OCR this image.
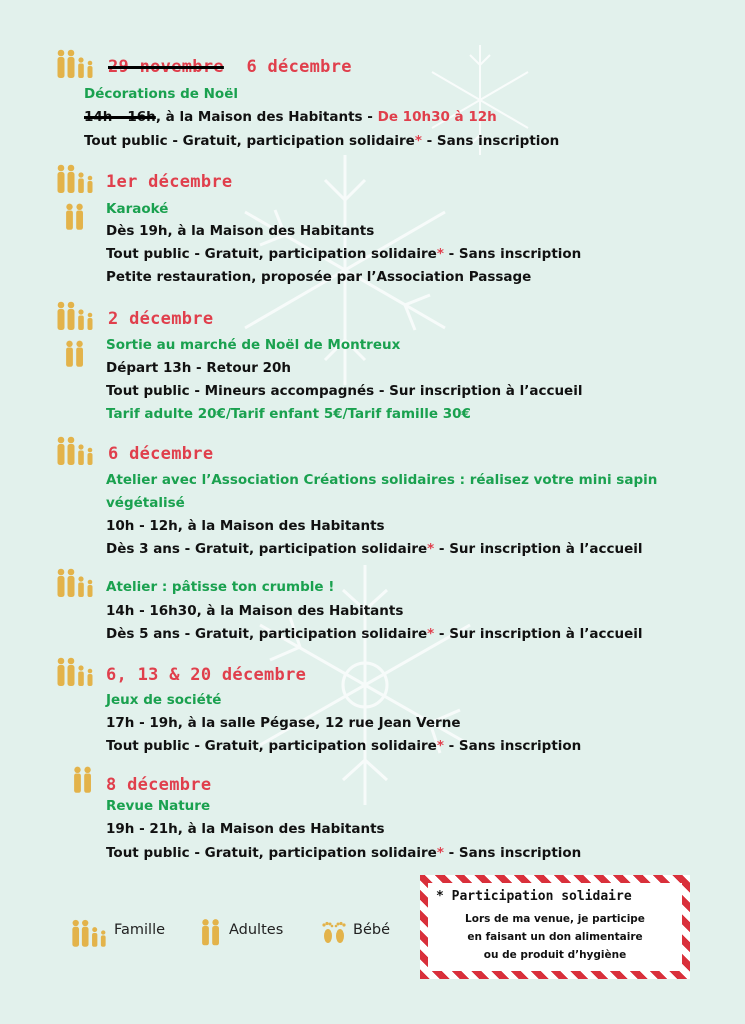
29 novembre 6 décembre
Décorations de Noël
14h - 16h, à la Maison des Habitants - De 10h30 à 12h
Tout public - Gratuit, participation solidaire* - Sans inscription
1er décembre
Karaoké
Dès 19h, à la Maison des Habitants
Tout public - Gratuit, participation solidaire* - Sans inscription
Petite restauration, proposée par l’Association Passage
2 décembre
Sortie au marché de Noël de Montreux
Départ 13h - Retour 20h
Tout public - Mineurs accompagnés - Sur inscription à l’accueil
Tarif adulte 20€/Tarif enfant 5€/Tarif famille 30€
6 décembre
Atelier avec l’Association Créations solidaires : réalisez votre mini sapin
végétalisé
10h - 12h, à la Maison des Habitants
Dès 3 ans - Gratuit, participation solidaire* - Sur inscription à l’accueil
Atelier : pâtisse ton crumble !
14h - 16h30, à la Maison des Habitants
Dès 5 ans - Gratuit, participation solidaire* - Sur inscription à l’accueil
6, 13 & 20 décembre
Jeux de société
17h - 19h, à la salle Pégase, 12 rue Jean Verne
Tout public - Gratuit, participation solidaire* - Sans inscription
8 décembre
Revue Nature
19h - 21h, à la Maison des Habitants
Tout public - Gratuit, participation solidaire* - Sans inscription
Famille	Adultes	Bébé
* Participation solidaire
Lors de ma venue, je participe
en faisant un don alimentaire
ou de produit d’hygiène
